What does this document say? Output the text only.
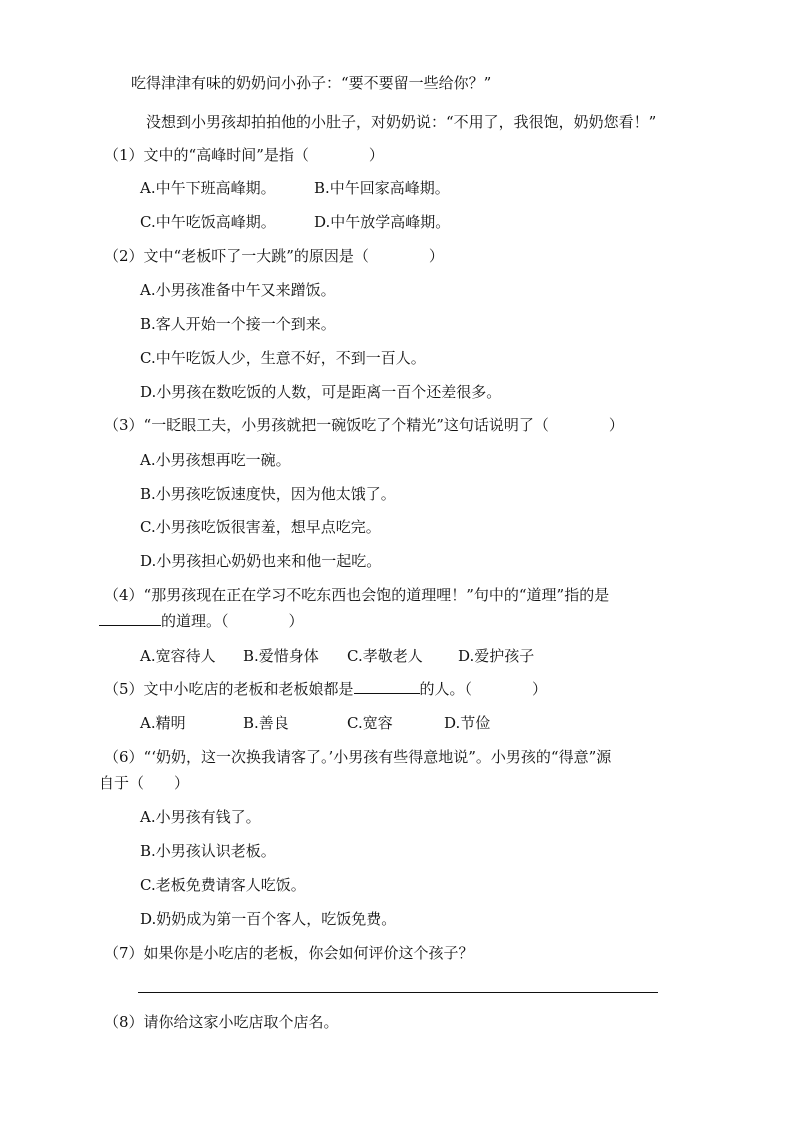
吃得津津有味的奶奶问小孙子：“要不要留一些给你？”
没想到小男孩却拍拍他的小肚子，对奶奶说：“不用了，我很饱，奶奶您看！”
（1）文中的“高峰时间”是指（　　　　）
A.中午下班高峰期。	B.中午回家高峰期。
C.中午吃饭高峰期。	D.中午放学高峰期。
（2）文中“老板吓了一大跳”的原因是（　　　　）
A.小男孩准备中午又来蹭饭。
B.客人开始一个接一个到来。
C.中午吃饭人少，生意不好，不到一百人。
D.小男孩在数吃饭的人数，可是距离一百个还差很多。
（3）“一眨眼工夫，小男孩就把一碗饭吃了个精光”这句话说明了（　　　　）
A.小男孩想再吃一碗。
B.小男孩吃饭速度快，因为他太饿了。
C.小男孩吃饭很害羞，想早点吃完。
D.小男孩担心奶奶也来和他一起吃。
（4）“那男孩现在正在学习不吃东西也会饱的道理哩！”句中的“道理”指的是
的道理。（　　　　）
A.宽容待人 B.爱惜身体 C.孝敬老人 D.爱护孩子
（5）文中小吃店的老板和老板娘都是	的人。（　　　　）
A.精明	B.善良	C.宽容	D.节俭
（6）“‘奶奶，这一次换我请客了。’小男孩有些得意地说”。小男孩的“得意”源
自于（　　）
A.小男孩有钱了。
B.小男孩认识老板。
C.老板免费请客人吃饭。
D.奶奶成为第一百个客人，吃饭免费。
（7）如果你是小吃店的老板，你会如何评价这个孩子？
（8）请你给这家小吃店取个店名。
